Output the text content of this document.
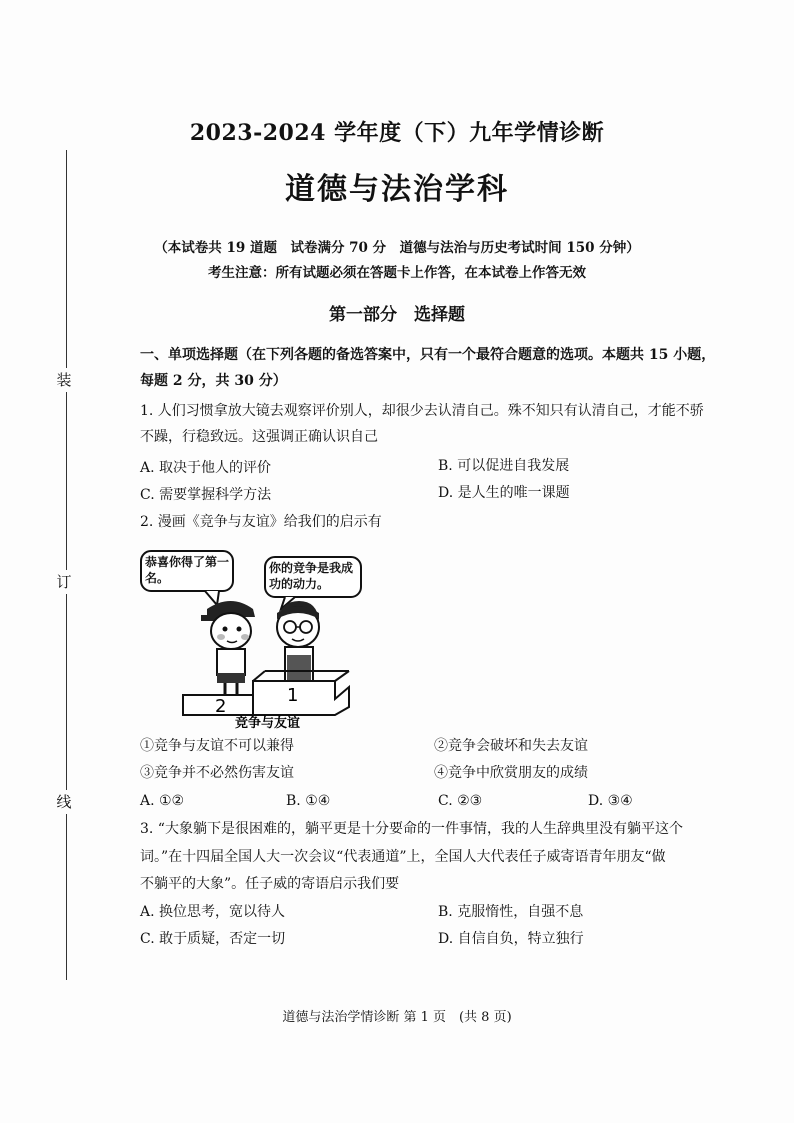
装
订
线
2023-2024 学年度（下）九年学情诊断
道德与法治学科
（本试卷共 19 道题　试卷满分 70 分　道德与法治与历史考试时间 150 分钟）
考生注意：所有试题必须在答题卡上作答，在本试卷上作答无效
第一部分　选择题
一、单项选择题（在下列各题的备选答案中，只有一个最符合题意的选项。本题共 15 小题，
每题 2 分，共 30 分）
1. 人们习惯拿放大镜去观察评价别人，却很少去认清自己。殊不知只有认清自己，才能不骄
不躁，行稳致远。这强调正确认识自己
A. 取决于他人的评价	B. 可以促进自我发展
C. 需要掌握科学方法	D. 是人生的唯一课题
2. 漫画《竞争与友谊》给我们的启示有
恭喜你得了第一名。
你的竞争是我成功的动力。
2
1
竞争与友谊
①竞争与友谊不可以兼得	②竞争会破坏和失去友谊
③竞争并不必然伤害友谊	④竞争中欣赏朋友的成绩
A. ①②	B. ①④	C. ②③	D. ③④
3. “大象躺下是很困难的，躺平更是十分要命的一件事情，我的人生辞典里没有躺平这个
词。”在十四届全国人大一次会议“代表通道”上，全国人大代表任子威寄语青年朋友“做
不躺平的大象”。任子威的寄语启示我们要
A. 换位思考，宽以待人	B. 克服惰性，自强不息
C. 敢于质疑，否定一切	D. 自信自负，特立独行
道德与法治学情诊断 第 1 页　(共 8 页)
